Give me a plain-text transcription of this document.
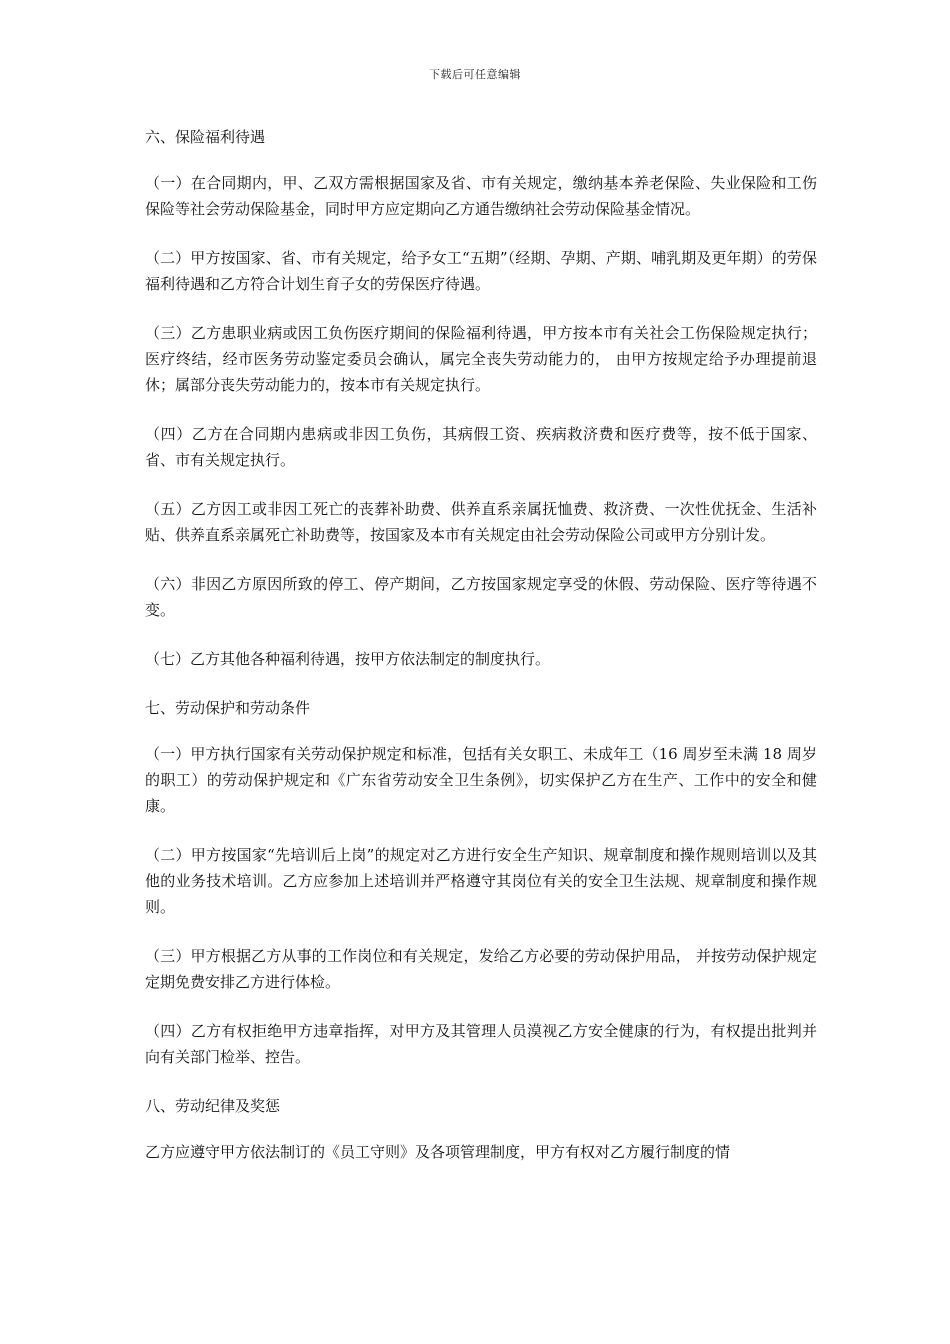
下载后可任意编辑

六、保险福利待遇

（一）在合同期内，甲、乙双方需根据国家及省、市有关规定，缴纳基本养老保险、失业保险和工伤保险等社会劳动保险基金，同时甲方应定期向乙方通告缴纳社会劳动保险基金情况。

（二）甲方按国家、省、市有关规定，给予女工“五期”（经期、孕期、产期、哺乳期及更年期）的劳保福利待遇和乙方符合计划生育子女的劳保医疗待遇。

（三）乙方患职业病或因工负伤医疗期间的保险福利待遇，甲方按本市有关社会工伤保险规定执行；医疗终结，经市医务劳动鉴定委员会确认，属完全丧失劳动能力的， 由甲方按规定给予办理提前退休；属部分丧失劳动能力的，按本市有关规定执行。

（四）乙方在合同期内患病或非因工负伤，其病假工资、疾病救济费和医疗费等，按不低于国家、省、市有关规定执行。

（五）乙方因工或非因工死亡的丧葬补助费、供养直系亲属抚恤费、救济费、一次性优抚金、生活补贴、供养直系亲属死亡补助费等，按国家及本市有关规定由社会劳动保险公司或甲方分别计发。

（六）非因乙方原因所致的停工、停产期间，乙方按国家规定享受的休假、劳动保险、医疗等待遇不变。

（七）乙方其他各种福利待遇，按甲方依法制定的制度执行。

七、劳动保护和劳动条件

（一）甲方执行国家有关劳动保护规定和标准，包括有关女职工、未成年工（16 周岁至未满 18 周岁的职工）的劳动保护规定和《广东省劳动安全卫生条例》，切实保护乙方在生产、工作中的安全和健康。

（二）甲方按国家“先培训后上岗”的规定对乙方进行安全生产知识、规章制度和操作规则培训以及其他的业务技术培训。乙方应参加上述培训并严格遵守其岗位有关的安全卫生法规、规章制度和操作规则。

（三）甲方根据乙方从事的工作岗位和有关规定，发给乙方必要的劳动保护用品， 并按劳动保护规定定期免费安排乙方进行体检。

（四）乙方有权拒绝甲方违章指挥，对甲方及其管理人员漠视乙方安全健康的行为，有权提出批判并向有关部门检举、控告。

八、劳动纪律及奖惩

乙方应遵守甲方依法制订的《员工守则》及各项管理制度，甲方有权对乙方履行制度的情
